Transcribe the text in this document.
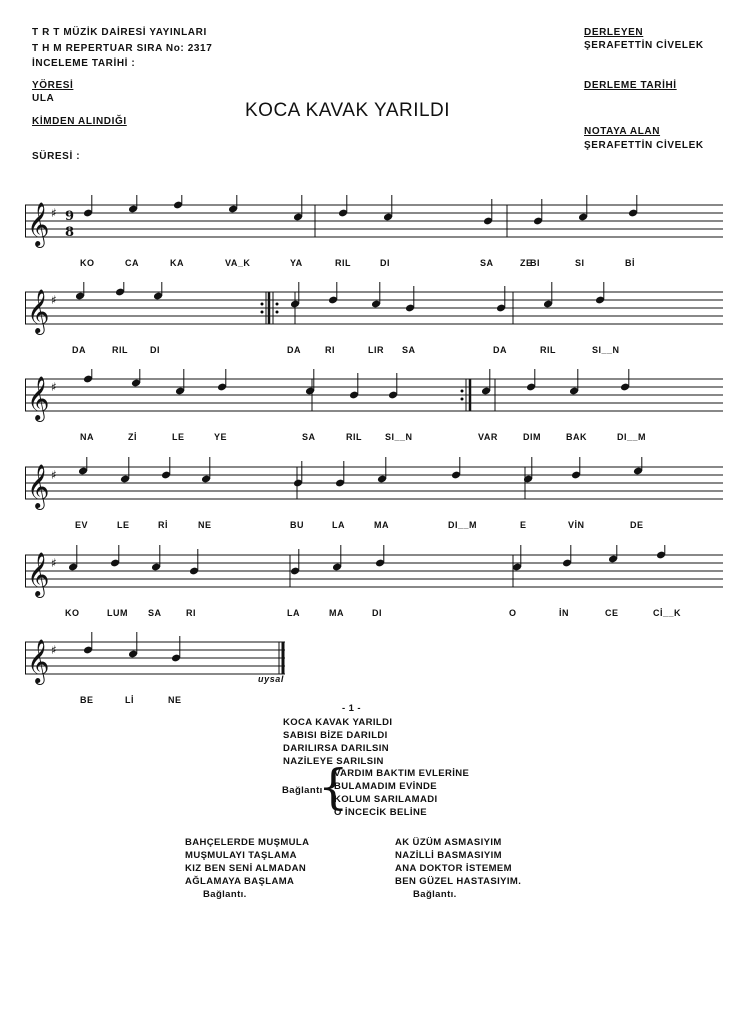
T R T MÜZİK DAİRESİ YAYINLARI
T H M REPERTUAR SIRA No: 2317
İNCELEME TARİHİ :
YÖRESİ
ULA
KİMDEN ALINDIĞI
SÜRESİ :
DERLEYEN
ŞERAFETTİN CİVELEK
DERLEME TARİHİ
NOTAYA ALAN
ŞERAFETTİN CİVELEK
KOCA KAVAK YARILDI
𝄞 ♯ 9
8
KO	CA	KA	VA_K	YA	RIL	DI	SA	BI	SI	Bİ
ZE
𝄞 ♯
DA	RIL DI	DA	RI	LIR SA	DA	RIL	SI__N
𝄞 ♯
NA	Zİ	LE	YE	SA	RIL	SI__N	VAR	DIM	BAK	DI__M
𝄞 ♯
EV	LE	Rİ	NE	BU	LA	MA	DI__M	E	VİN	DE
𝄞 ♯
KO	LUM SA	RI	LA	MA	DI	O	İN	CE	Cİ__K
𝄞 ♯
BE	Lİ	NE
uysal
- 1 -
KOCA KAVAK YARILDI
SABISI BİZE DARILDI
DARILIRSA DARILSIN
NAZİLEYE SARILSIN
Bağlantı
{
VARDIM BAKTIM EVLERİNE
BULAMADIM EVİNDE
KOLUM SARILAMADI
O İNCECİK BELİNE
BAHÇELERDE MUŞMULA
MUŞMULAYI TAŞLAMA
KIZ BEN SENİ ALMADAN
AĞLAMAYA BAŞLAMA
Bağlantı.
AK ÜZÜM ASMASIYIM
NAZİLLİ BASMASIYIM
ANA DOKTOR İSTEMEM
BEN GÜZEL HASTASIYIM.
Bağlantı.
